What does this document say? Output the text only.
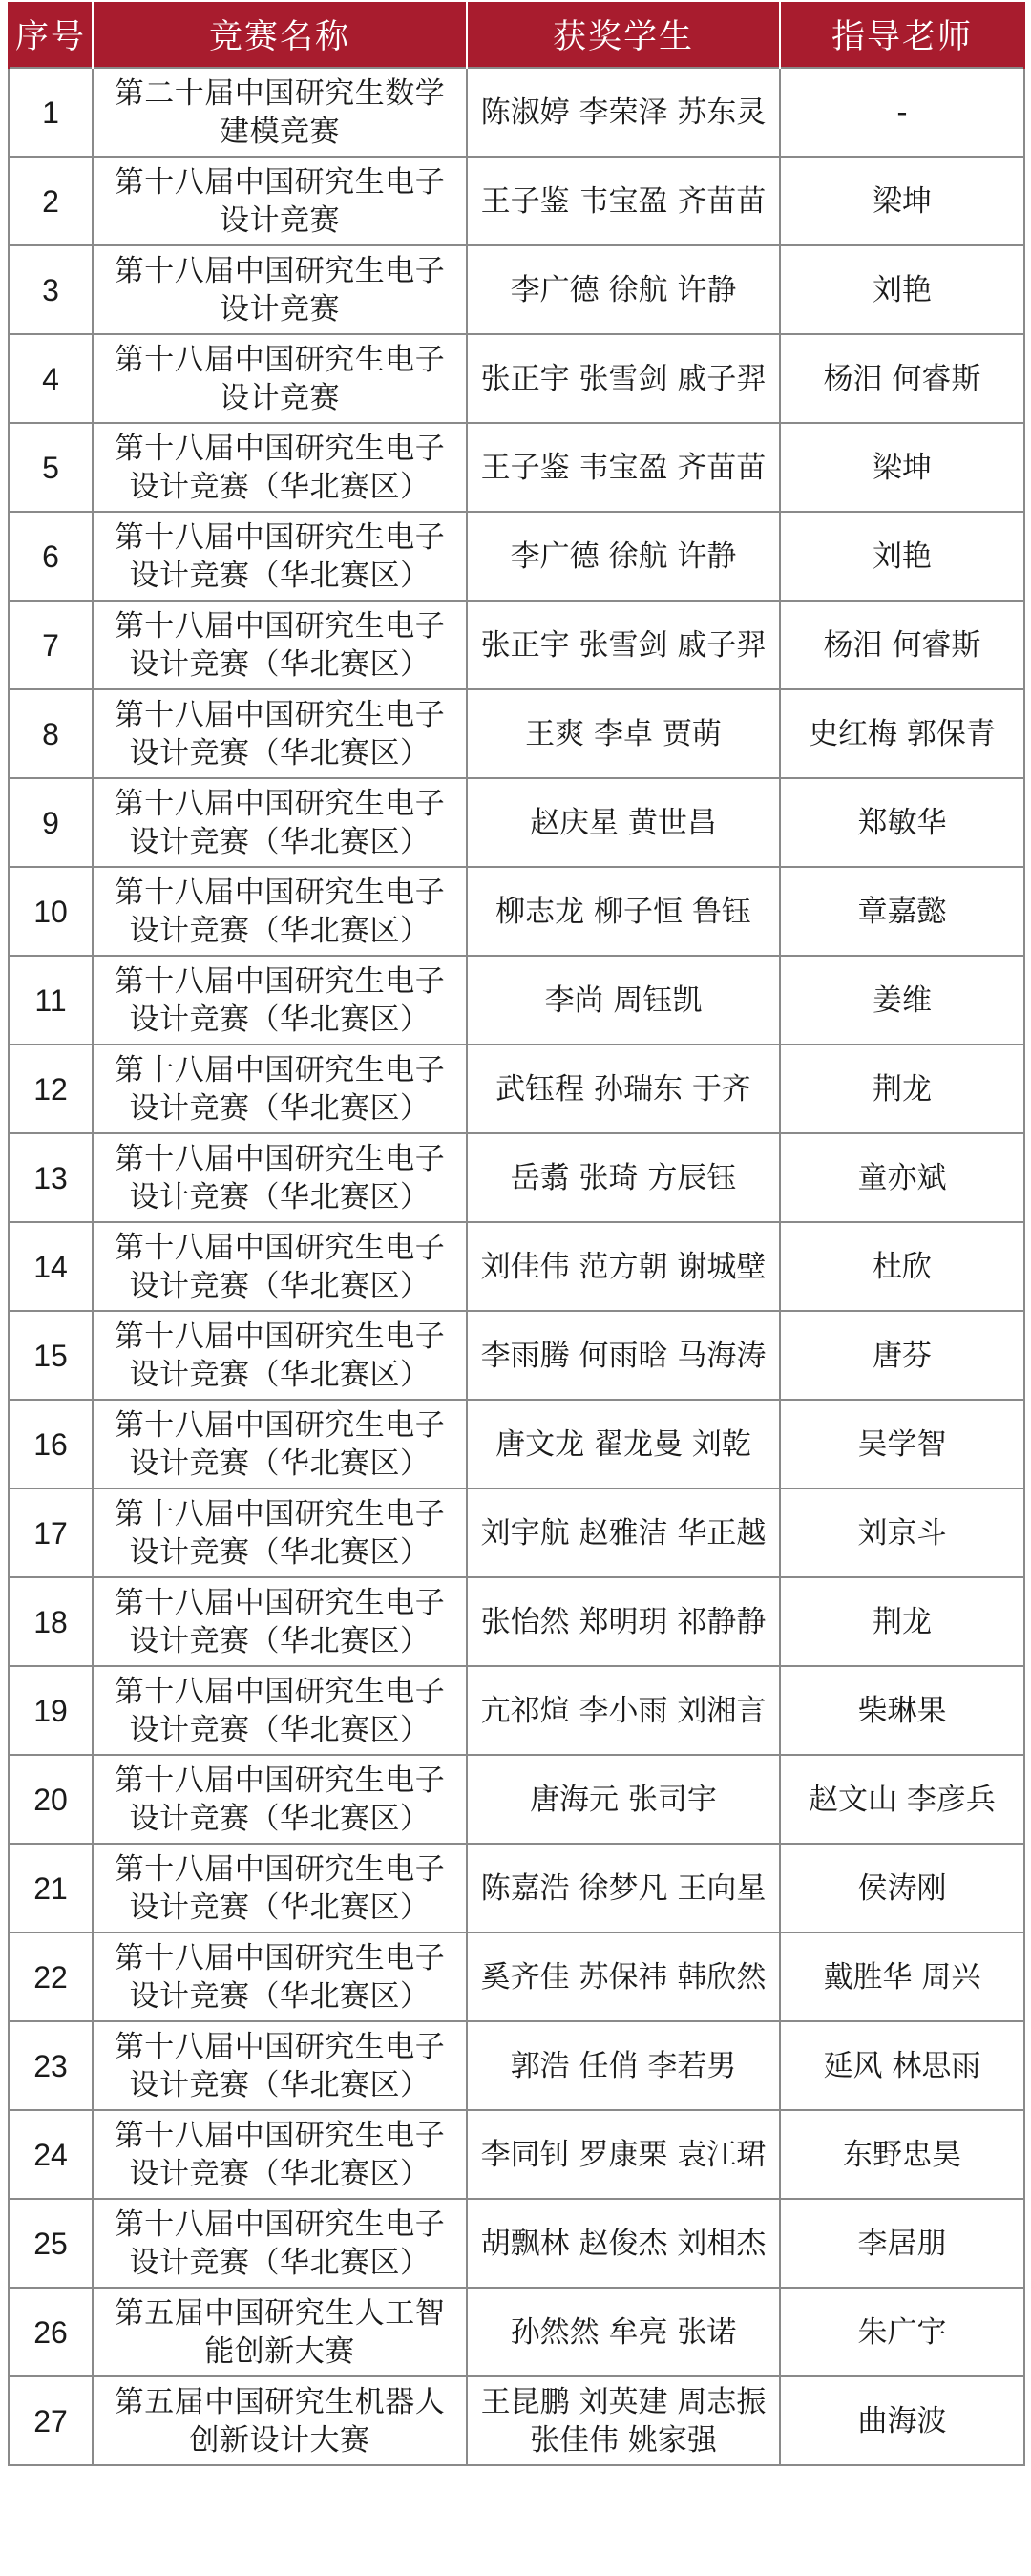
序号	竞赛名称	获奖学生	指导老师
1	第二十届中国研究生数学建模竞赛	陈淑婷 李荣泽 苏东灵	-
2	第十八届中国研究生电子设计竞赛	王子鉴 韦宝盈 齐苗苗	梁坤
3	第十八届中国研究生电子设计竞赛	李广德 徐航 许静	刘艳
4	第十八届中国研究生电子设计竞赛	张正宇 张雪剑 戚子羿	杨汨 何睿斯
5	第十八届中国研究生电子设计竞赛（华北赛区）	王子鉴 韦宝盈 齐苗苗	梁坤
6	第十八届中国研究生电子设计竞赛（华北赛区）	李广德 徐航 许静	刘艳
7	第十八届中国研究生电子设计竞赛（华北赛区）	张正宇 张雪剑 戚子羿	杨汨 何睿斯
8	第十八届中国研究生电子设计竞赛（华北赛区）	王爽 李卓 贾萌	史红梅 郭保青
9	第十八届中国研究生电子设计竞赛（华北赛区）	赵庆星 黄世昌	郑敏华
10	第十八届中国研究生电子设计竞赛（华北赛区）	柳志龙 柳子恒 鲁钰	章嘉懿
11	第十八届中国研究生电子设计竞赛（华北赛区）	李尚 周钰凯	姜维
12	第十八届中国研究生电子设计竞赛（华北赛区）	武钰程 孙瑞东 于齐	荆龙
13	第十八届中国研究生电子设计竞赛（华北赛区）	岳翥 张琦 方辰钰	童亦斌
14	第十八届中国研究生电子设计竞赛（华北赛区）	刘佳伟 范方朝 谢城壁	杜欣
15	第十八届中国研究生电子设计竞赛（华北赛区）	李雨腾 何雨晗 马海涛	唐芬
16	第十八届中国研究生电子设计竞赛（华北赛区）	唐文龙 翟龙曼 刘乾	吴学智
17	第十八届中国研究生电子设计竞赛（华北赛区）	刘宇航 赵雅洁 华正越	刘京斗
18	第十八届中国研究生电子设计竞赛（华北赛区）	张怡然 郑明玥 祁静静	荆龙
19	第十八届中国研究生电子设计竞赛（华北赛区）	亢祁煊 李小雨 刘湘言	柴琳果
20	第十八届中国研究生电子设计竞赛（华北赛区）	唐海元 张司宇	赵文山 李彦兵
21	第十八届中国研究生电子设计竞赛（华北赛区）	陈嘉浩 徐梦凡 王向星	侯涛刚
22	第十八届中国研究生电子设计竞赛（华北赛区）	奚齐佳 苏保祎 韩欣然	戴胜华 周兴
23	第十八届中国研究生电子设计竞赛（华北赛区）	郭浩 任俏 李若男	延风 林思雨
24	第十八届中国研究生电子设计竞赛（华北赛区）	李同钊 罗康栗 袁江珺	东野忠昊
25	第十八届中国研究生电子设计竞赛（华北赛区）	胡飘林 赵俊杰 刘相杰	李居朋
26	第五届中国研究生人工智能创新大赛	孙然然 牟亮 张诺	朱广宇
27	第五届中国研究生机器人创新设计大赛	王昆鹏 刘英建 周志振 张佳伟 姚家强	曲海波
